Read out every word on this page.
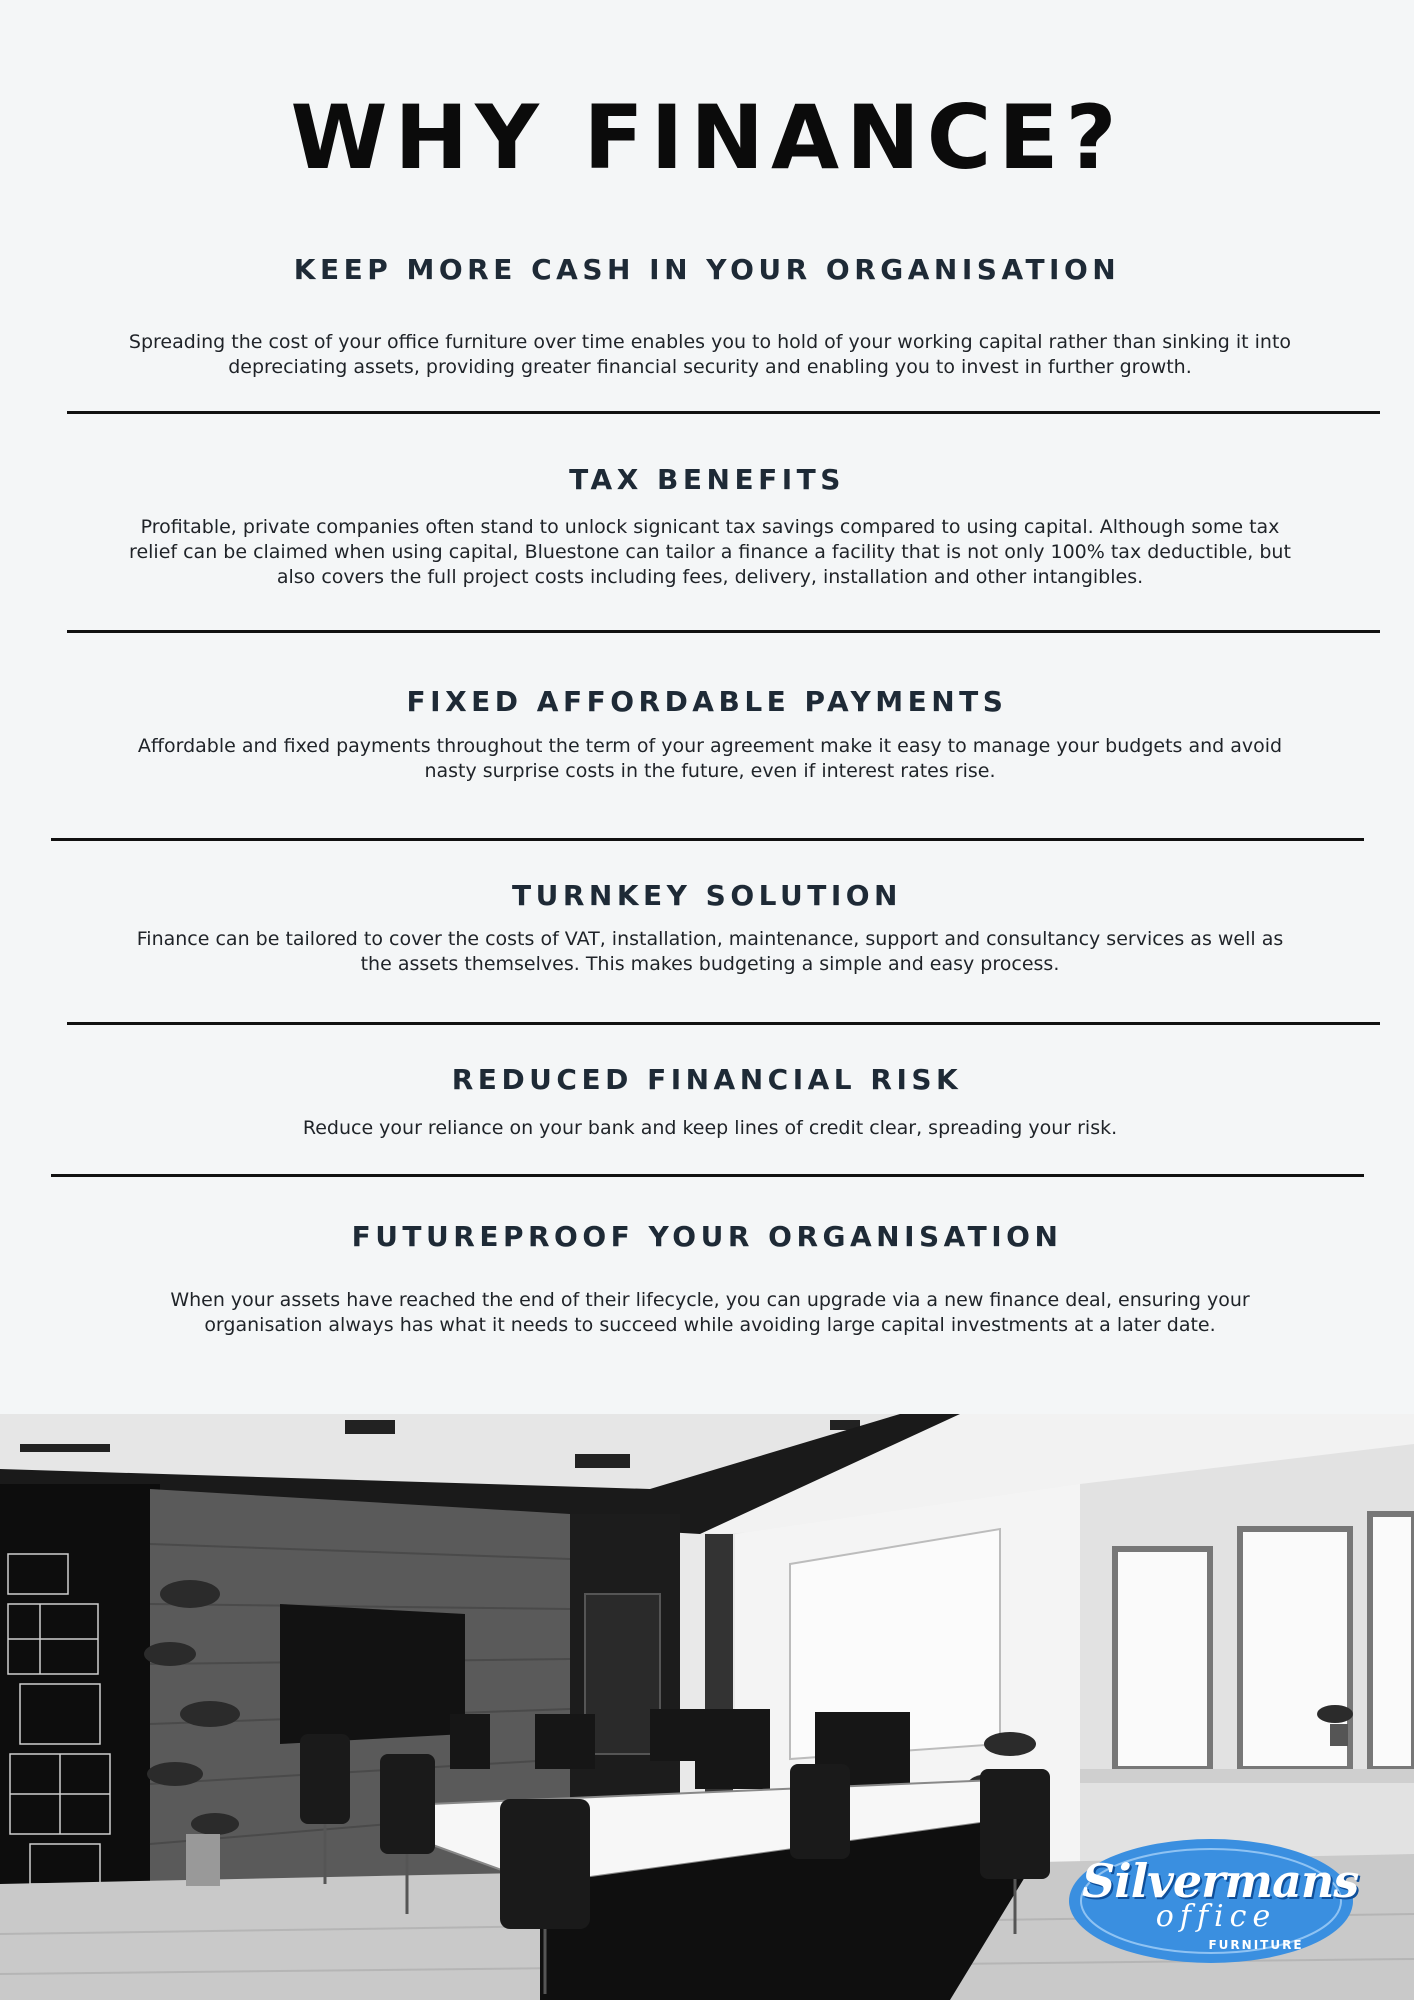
WHY FINANCE?
KEEP MORE CASH IN YOUR ORGANISATION

Spreading the cost of your office furniture over time enables you to hold of your working capital rather than sinking it into depreciating assets, providing greater financial security and enabling you to invest in further growth.

TAX BENEFITS

Profitable, private companies often stand to unlock signicant tax savings compared to using capital. Although some tax relief can be claimed when using capital, Bluestone can tailor a finance a facility that is not only 100% tax deductible, but also covers the full project costs including fees, delivery, installation and other intangibles.

FIXED AFFORDABLE PAYMENTS

Affordable and fixed payments throughout the term of your agreement make it easy to manage your budgets and avoid nasty surprise costs in the future, even if interest rates rise.

TURNKEY SOLUTION

Finance can be tailored to cover the costs of VAT, installation, maintenance, support and consultancy services as well as the assets themselves. This makes budgeting a simple and easy process.

REDUCED FINANCIAL RISK

Reduce your reliance on your bank and keep lines of credit clear, spreading your risk.

FUTUREPROOF YOUR ORGANISATION

When your assets have reached the end of their lifecycle, you can upgrade via a new finance deal, ensuring your organisation always has what it needs to succeed while avoiding large capital investments at a later date.

Silvermans
office
FURNITURE
